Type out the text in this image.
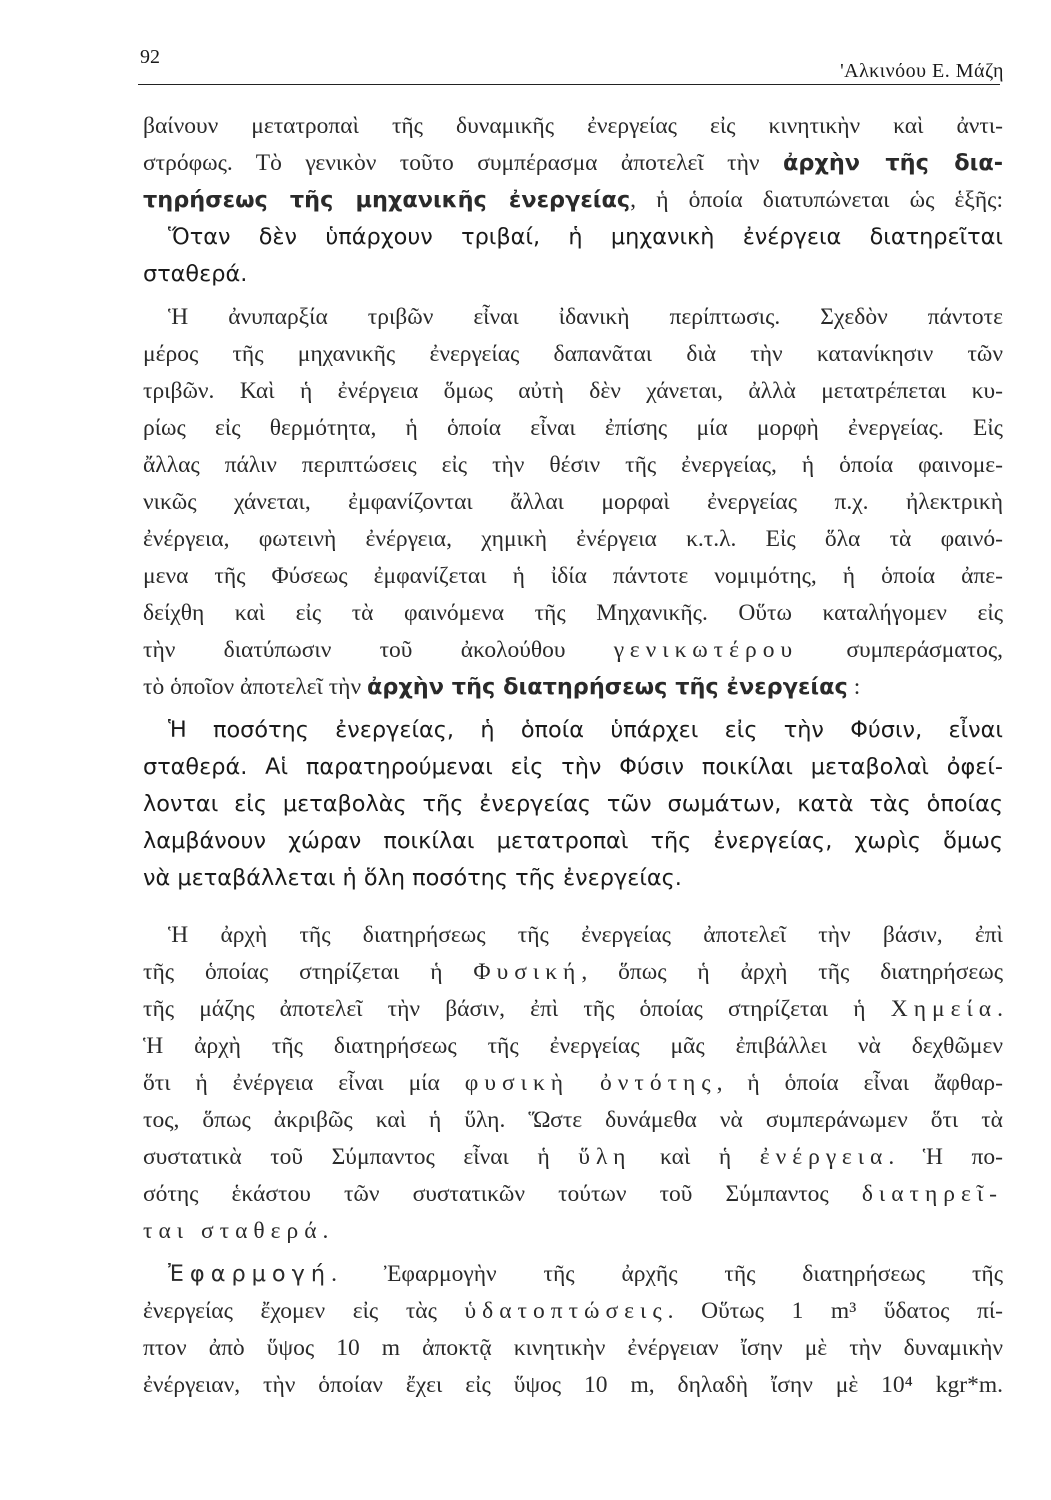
92
'Αλκινόου Ε. Μάζη
βαίνουν μετατροπαὶ τῆς δυναμικῆς ἐνεργείας εἰς κινητικὴν καὶ ἀντι-
στρόφως. Τὸ γενικὸν τοῦτο συμπέρασμα ἀποτελεῖ τὴν ἀρχὴν τῆς δια-
τηρήσεως τῆς μηχανικῆς ἐνεργείας, ἡ ὁποία διατυπώνεται ὡς ἑξῆς:
Ὅταν δὲν ὑπάρχουν τριβαί, ἡ μηχανικὴ ἐνέργεια διατηρεῖται
σταθερά.
Ἡ ἀνυπαρξία τριβῶν εἶναι ἰδανικὴ περίπτωσις. Σχεδὸν πάντοτε
μέρος τῆς μηχανικῆς ἐνεργείας δαπανᾶται διὰ τὴν κατανίκησιν τῶν
τριβῶν. Καὶ ἡ ἐνέργεια ὅμως αὐτὴ δὲν χάνεται, ἀλλὰ μετατρέπεται κυ-
ρίως εἰς θερμότητα, ἡ ὁποία εἶναι ἐπίσης μία μορφὴ ἐνεργείας. Εἰς
ἄλλας πάλιν περιπτώσεις εἰς τὴν θέσιν τῆς ἐνεργείας, ἡ ὁποία φαινομε-
νικῶς χάνεται, ἐμφανίζονται ἄλλαι μορφαὶ ἐνεργείας π.χ. ἠλεκτρικὴ
ἐνέργεια, φωτεινὴ ἐνέργεια, χημικὴ ἐνέργεια κ.τ.λ. Εἰς ὅλα τὰ φαινό-
μενα τῆς Φύσεως ἐμφανίζεται ἡ ἰδία πάντοτε νομιμότης, ἡ ὁποία ἀπε-
δείχθη καὶ εἰς τὰ φαινόμενα τῆς Μηχανικῆς. Οὕτω καταλήγομεν εἰς
τὴν διατύπωσιν τοῦ ἀκολούθου γενικωτέρου συμπεράσματος,
τὸ ὁποῖον ἀποτελεῖ τὴν ἀρχὴν τῆς διατηρήσεως τῆς ἐνεργείας :
Ἡ ποσότης ἐνεργείας, ἡ ὁποία ὑπάρχει εἰς τὴν Φύσιν, εἶναι
σταθερά. Αἱ παρατηρούμεναι εἰς τὴν Φύσιν ποικίλαι μεταβολαὶ ὀφεί-
λονται εἰς μεταβολὰς τῆς ἐνεργείας τῶν σωμάτων, κατὰ τὰς ὁποίας
λαμβάνουν χώραν ποικίλαι μετατροπαὶ τῆς ἐνεργείας, χωρὶς ὅμως
νὰ μεταβάλλεται ἡ ὅλη ποσότης τῆς ἐνεργείας.
Ἡ ἀρχὴ τῆς διατηρήσεως τῆς ἐνεργείας ἀποτελεῖ τὴν βάσιν, ἐπὶ
τῆς ὁποίας στηρίζεται ἡ Φυσική, ὅπως ἡ ἀρχὴ τῆς διατηρήσεως
τῆς μάζης ἀποτελεῖ τὴν βάσιν, ἐπὶ τῆς ὁποίας στηρίζεται ἡ Χημεία.
Ἡ ἀρχὴ τῆς διατηρήσεως τῆς ἐνεργείας μᾶς ἐπιβάλλει νὰ δεχθῶμεν
ὅτι ἡ ἐνέργεια εἶναι μία φυσικὴ ὀντότης, ἡ ὁποία εἶναι ἄφθαρ-
τος, ὅπως ἀκριβῶς καὶ ἡ ὕλη. Ὥστε δυνάμεθα νὰ συμπεράνωμεν ὅτι τὰ
συστατικὰ τοῦ Σύμπαντος εἶναι ἡ ὕλη καὶ ἡ ἐνέργεια. Ἡ πο-
σότης ἑκάστου τῶν συστατικῶν τούτων τοῦ Σύμπαντος διατηρεῖ-
ται σταθερά.
Ἐφαρμογή. Ἐφαρμογὴν τῆς ἀρχῆς τῆς διατηρήσεως τῆς
ἐνεργείας ἔχομεν εἰς τὰς ὑδατοπτώσεις. Οὕτως 1 m³ ὕδατος πί-
πτον ἀπὸ ὕψος 10 m ἀποκτᾷ κινητικὴν ἐνέργειαν ἴσην μὲ τὴν δυναμικὴν
ἐνέργειαν, τὴν ὁποίαν ἔχει εἰς ὕψος 10 m, δηλαδὴ ἴσην μὲ 10⁴ kgr*m.
